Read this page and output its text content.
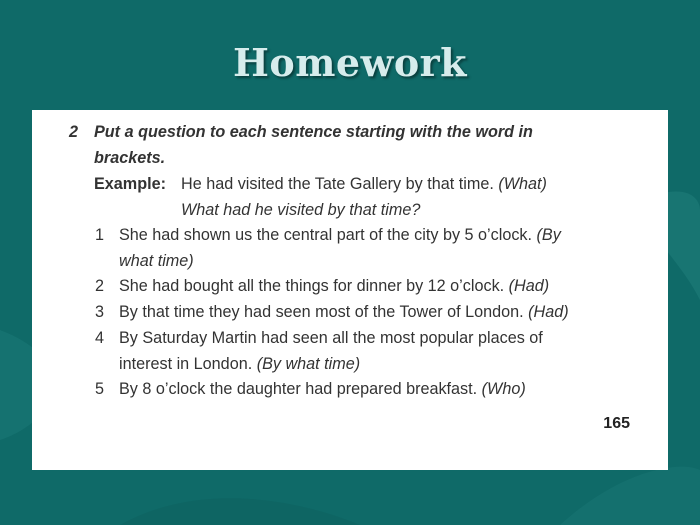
Homework
2 Put a question to each sentence starting with the word in
brackets.
Example: He had visited the Tate Gallery by that time. (What)
What had he visited by that time?
1 She had shown us the central part of the city by 5 o’clock. (By
what time)
2 She had bought all the things for dinner by 12 o’clock. (Had)
3 By that time they had seen most of the Tower of London. (Had)
4 By Saturday Martin had seen all the most popular places of
interest in London. (By what time)
5 By 8 o’clock the daughter had prepared breakfast. (Who)
165
